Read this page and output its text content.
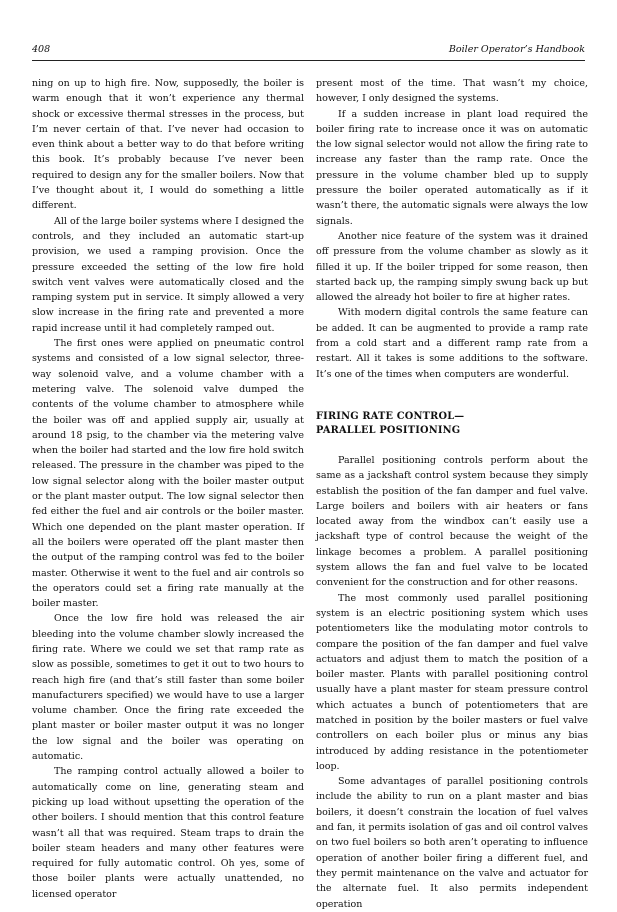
408	Boiler Operator’s Handbook

ning on up to high fire. Now, supposedly, the boiler is warm enough that it won’t experience any thermal shock or excessive thermal stresses in the process, but I’m never certain of that. I’ve never had occasion to even think about a better way to do that before writing this book. It’s probably because I’ve never been required to design any for the smaller boilers. Now that I’ve thought about it, I would do something a little different.

All of the large boiler systems where I designed the controls, and they included an automatic start-up provision, we used a ramping provision. Once the pressure exceeded the setting of the low fire hold switch vent valves were automatically closed and the ramping system put in service. It simply allowed a very slow increase in the firing rate and prevented a more rapid increase until it had completely ramped out.

The first ones were applied on pneumatic control systems and consisted of a low signal selector, three-way solenoid valve, and a volume chamber with a metering valve. The solenoid valve dumped the contents of the volume chamber to atmosphere while the boiler was off and applied supply air, usually at around 18 psig, to the chamber via the metering valve when the boiler had started and the low fire hold switch released. The pressure in the chamber was piped to the low signal selector along with the boiler master output or the plant master output. The low signal selector then fed either the fuel and air controls or the boiler master. Which one depended on the plant master operation. If all the boilers were operated off the plant master then the output of the ramping control was fed to the boiler master. Otherwise it went to the fuel and air controls so the operators could set a firing rate manually at the boiler master.

Once the low fire hold was released the air bleeding into the volume chamber slowly increased the firing rate. Where we could we set that ramp rate as slow as possible, sometimes to get it out to two hours to reach high fire (and that’s still faster than some boiler manufacturers specified) we would have to use a larger volume chamber. Once the firing rate exceeded the plant master or boiler master output it was no longer the low signal and the boiler was operating on automatic.

The ramping control actually allowed a boiler to automatically come on line, generating steam and picking up load without upsetting the operation of the other boilers. I should mention that this control feature wasn’t all that was required. Steam traps to drain the boiler steam headers and many other features were required for fully automatic control. Oh yes, some of those boiler plants were actually unattended, no licensed operator

present most of the time. That wasn’t my choice, however, I only designed the systems.

If a sudden increase in plant load required the boiler firing rate to increase once it was on automatic the low signal selector would not allow the firing rate to increase any faster than the ramp rate. Once the pressure in the volume chamber bled up to supply pressure the boiler operated automatically as if it wasn’t there, the automatic signals were always the low signals.

Another nice feature of the system was it drained off pressure from the volume chamber as slowly as it filled it up. If the boiler tripped for some reason, then started back up, the ramping simply swung back up but allowed the already hot boiler to fire at higher rates.

With modern digital controls the same feature can be added. It can be augmented to provide a ramp rate from a cold start and a different ramp rate from a restart. All it takes is some additions to the software. It’s one of the times when computers are wonderful.

FIRING RATE CONTROL—
PARALLEL POSITIONING

Parallel positioning controls perform about the same as a jackshaft control system because they simply establish the position of the fan damper and fuel valve. Large boilers and boilers with air heaters or fans located away from the windbox can’t easily use a jackshaft type of control because the weight of the linkage becomes a problem. A parallel positioning system allows the fan and fuel valve to be located convenient for the construction and for other reasons.

The most commonly used parallel positioning system is an electric positioning system which uses potentiometers like the modulating motor controls to compare the position of the fan damper and fuel valve actuators and adjust them to match the position of a boiler master. Plants with parallel positioning control usually have a plant master for steam pressure control which actuates a bunch of potentiometers that are matched in position by the boiler masters or fuel valve controllers on each boiler plus or minus any bias introduced by adding resistance in the potentiometer loop.

Some advantages of parallel positioning controls include the ability to run on a plant master and bias boilers, it doesn’t constrain the location of fuel valves and fan, it permits isolation of gas and oil control valves on two fuel boilers so both aren’t operating to influence operation of another boiler firing a different fuel, and they permit maintenance on the valve and actuator for the alternate fuel. It also permits independent operation
